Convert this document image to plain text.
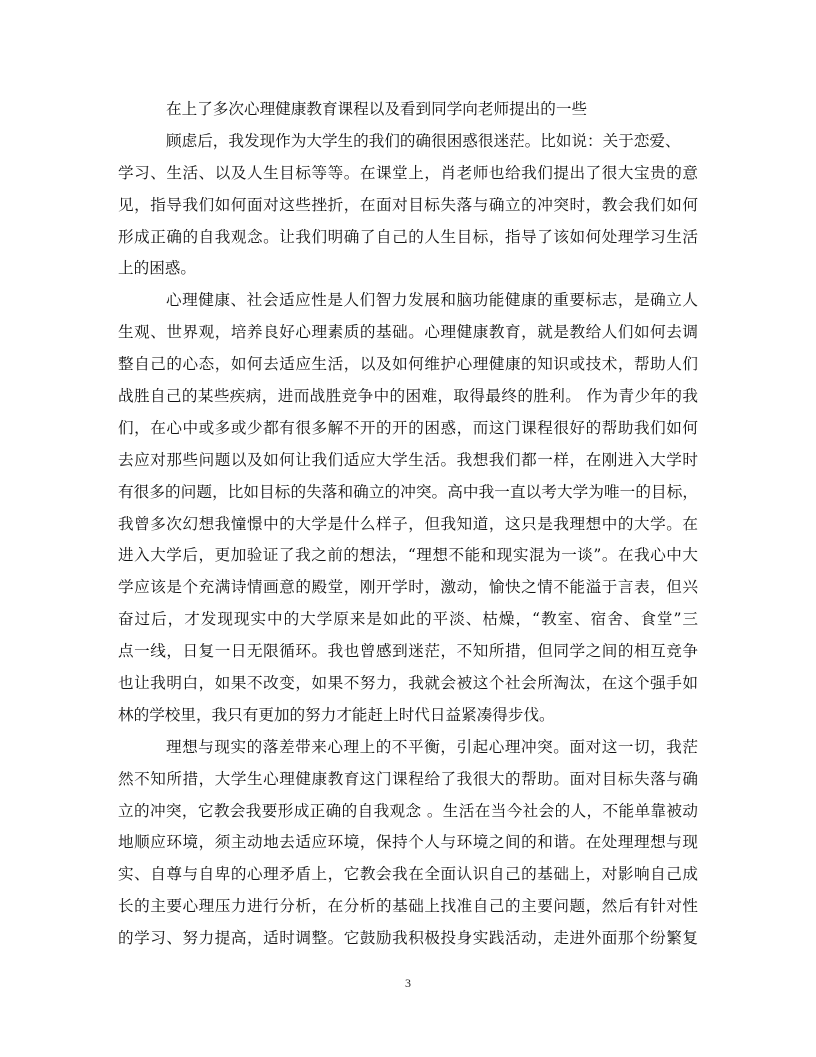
在上了多次心理健康教育课程以及看到同学向老师提出的一些
顾虑后，我发现作为大学生的我们的确很困惑很迷茫。比如说：关于恋爱、
学习、生活、以及人生目标等等。在课堂上，肖老师也给我们提出了很大宝贵的意
见，指导我们如何面对这些挫折，在面对目标失落与确立的冲突时，教会我们如何
形成正确的自我观念。让我们明确了自己的人生目标，指导了该如何处理学习生活
上的困惑。
心理健康、社会适应性是人们智力发展和脑功能健康的重要标志，是确立人
生观、世界观，培养良好心理素质的基础。心理健康教育，就是教给人们如何去调
整自己的心态，如何去适应生活，以及如何维护心理健康的知识或技术，帮助人们
战胜自己的某些疾病，进而战胜竞争中的困难，取得最终的胜利。 作为青少年的我
们，在心中或多或少都有很多解不开的开的困惑，而这门课程很好的帮助我们如何
去应对那些问题以及如何让我们适应大学生活。我想我们都一样，在刚进入大学时
有很多的问题，比如目标的失落和确立的冲突。高中我一直以考大学为唯一的目标，
我曾多次幻想我憧憬中的大学是什么样子，但我知道，这只是我理想中的大学。在
进入大学后，更加验证了我之前的想法，“理想不能和现实混为一谈”。在我心中大
学应该是个充满诗情画意的殿堂，刚开学时，激动，愉快之情不能溢于言表，但兴
奋过后，才发现现实中的大学原来是如此的平淡、枯燥，“教室、宿舍、食堂”三
点一线，日复一日无限循环。我也曾感到迷茫，不知所措，但同学之间的相互竞争
也让我明白，如果不改变，如果不努力，我就会被这个社会所淘汰，在这个强手如
林的学校里，我只有更加的努力才能赶上时代日益紧凑得步伐。
理想与现实的落差带来心理上的不平衡，引起心理冲突。面对这一切，我茫
然不知所措，大学生心理健康教育这门课程给了我很大的帮助。面对目标失落与确
立的冲突，它教会我要形成正确的自我观念 。生活在当今社会的人，不能单靠被动
地顺应环境，须主动地去适应环境，保持个人与环境之间的和谐。在处理理想与现
实、自尊与自卑的心理矛盾上，它教会我在全面认识自己的基础上，对影响自己成
长的主要心理压力进行分析，在分析的基础上找准自己的主要问题，然后有针对性
的学习、努力提高，适时调整。它鼓励我积极投身实践活动，走进外面那个纷繁复
3
